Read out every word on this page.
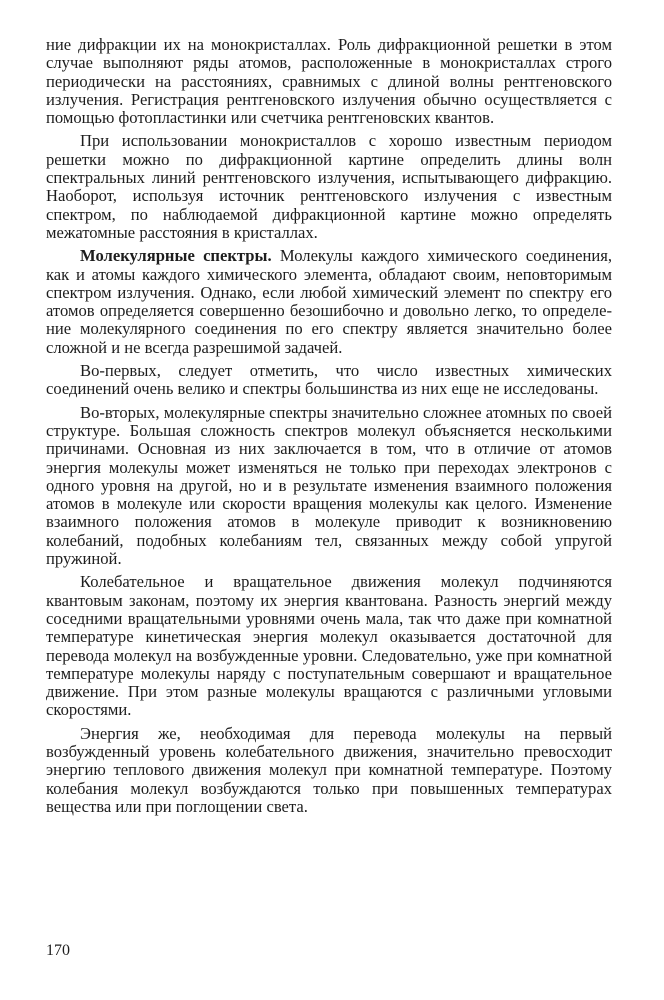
ние дифракции их на монокристаллах. Роль дифракционной решетки в этом случае выполняют ряды атомов, расположенные в монокристаллах строго периодически на расстояниях, сравнимых с длиной волны рентгеновского излучения. Регистрация рентгеновского излучения обычно осуществляется с помощью фотопластинки или счетчика рентгеновских квантов.

При использовании монокристаллов с хорошо известным периодом решетки можно по дифракционной картине определить длины волн спектральных линий рентгеновского излучения, испытывающего дифракцию. Наоборот, используя источник рентгеновского излучения с известным спектром, по наблюдаемой дифракционной картине можно определять межатомные расстояния в кристаллах.

Молекулярные спектры. Молекулы каждого химического соединения, как и атомы каждого химического элемента, обладают своим, неповторимым спектром излучения. Однако, если любой химический элемент по спектру его атомов определяется совершенно безошибочно и довольно легко, то определение молекулярного соединения по его спектру является значительно более сложной и не всегда разрешимой задачей.

Во-первых, следует отметить, что число известных химических соединений очень велико и спектры большинства из них еще не исследованы.

Во-вторых, молекулярные спектры значительно сложнее атомных по своей структуре. Большая сложность спектров молекул объясняется несколькими причинами. Основная из них заключается в том, что в отличие от атомов энергия молекулы может изменяться не только при переходах электронов с одного уровня на другой, но и в результате изменения взаимного положения атомов в молекуле или скорости вращения молекулы как целого. Изменение взаимного положения атомов в молекуле приводит к возникновению колебаний, подобных колебаниям тел, связанных между собой упругой пружиной.

Колебательное и вращательное движения молекул подчиняются квантовым законам, поэтому их энергия квантована. Разность энергий между соседними вращательными уровнями очень мала, так что даже при комнатной температуре кинетическая энергия молекул оказывается достаточной для перевода молекул на возбужденные уровни. Следовательно, уже при комнатной температуре молекулы наряду с поступательным совершают и вращательное движение. При этом разные молекулы вращаются с различными угловыми скоростями.

Энергия же, необходимая для перевода молекулы на первый возбужденный уровень колебательного движения, значительно превосходит энергию теплового движения молекул при комнатной температуре. Поэтому колебания молекул возбуждаются только при повышенных температурах вещества или при поглощении света.

170
